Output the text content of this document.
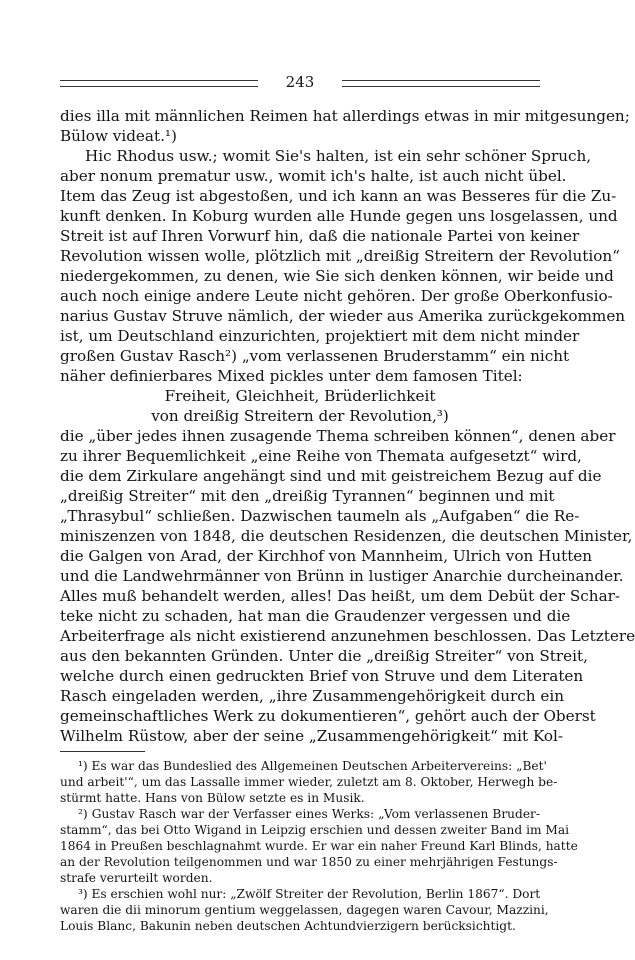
243
dies illa mit männlichen Reimen hat allerdings etwas in mir mitgesungen;
Bülow videat.¹)
Hic Rhodus usw.; womit Sie's halten, ist ein sehr schöner Spruch,
aber nonum prematur usw., womit ich's halte, ist auch nicht übel.
Item das Zeug ist abgestoßen, und ich kann an was Besseres für die Zu-
kunft denken. In Koburg wurden alle Hunde gegen uns losgelassen, und
Streit ist auf Ihren Vorwurf hin, daß die nationale Partei von keiner
Revolution wissen wolle, plötzlich mit „dreißig Streitern der Revolution“
niedergekommen, zu denen, wie Sie sich denken können, wir beide und
auch noch einige andere Leute nicht gehören. Der große Oberkonfusio-
narius Gustav Struve nämlich, der wieder aus Amerika zurückgekommen
ist, um Deutschland einzurichten, projektiert mit dem nicht minder
großen Gustav Rasch²) „vom verlassenen Bruderstamm“ ein nicht
näher definierbares Mixed pickles unter dem famosen Titel:
Freiheit, Gleichheit, Brüderlichkeit
von dreißig Streitern der Revolution,³)
die „über jedes ihnen zusagende Thema schreiben können“, denen aber
zu ihrer Bequemlichkeit „eine Reihe von Themata aufgesetzt“ wird,
die dem Zirkulare angehängt sind und mit geistreichem Bezug auf die
„dreißig Streiter“ mit den „dreißig Tyrannen“ beginnen und mit
„Thrasybul“ schließen. Dazwischen taumeln als „Aufgaben“ die Re-
miniszenzen von 1848, die deutschen Residenzen, die deutschen Minister,
die Galgen von Arad, der Kirchhof von Mannheim, Ulrich von Hutten
und die Landwehrmänner von Brünn in lustiger Anarchie durcheinander.
Alles muß behandelt werden, alles! Das heißt, um dem Debüt der Schar-
teke nicht zu schaden, hat man die Graudenzer vergessen und die
Arbeiterfrage als nicht existierend anzunehmen beschlossen. Das Letztere
aus den bekannten Gründen. Unter die „dreißig Streiter“ von Streit,
welche durch einen gedruckten Brief von Struve und dem Literaten
Rasch eingeladen werden, „ihre Zusammengehörigkeit durch ein
gemeinschaftliches Werk zu dokumentieren“, gehört auch der Oberst
Wilhelm Rüstow, aber der seine „Zusammengehörigkeit“ mit Kol-
¹) Es war das Bundeslied des Allgemeinen Deutschen Arbeitervereins: „Bet'
und arbeit'“, um das Lassalle immer wieder, zuletzt am 8. Oktober, Herwegh be-
stürmt hatte. Hans von Bülow setzte es in Musik.
²) Gustav Rasch war der Verfasser eines Werks: „Vom verlassenen Bruder-
stamm“, das bei Otto Wigand in Leipzig erschien und dessen zweiter Band im Mai
1864 in Preußen beschlagnahmt wurde. Er war ein naher Freund Karl Blinds, hatte
an der Revolution teilgenommen und war 1850 zu einer mehrjährigen Festungs-
strafe verurteilt worden.
³) Es erschien wohl nur: „Zwölf Streiter der Revolution, Berlin 1867“. Dort
waren die dii minorum gentium weggelassen, dagegen waren Cavour, Mazzini,
Louis Blanc, Bakunin neben deutschen Achtundvierzigern berücksichtigt.
